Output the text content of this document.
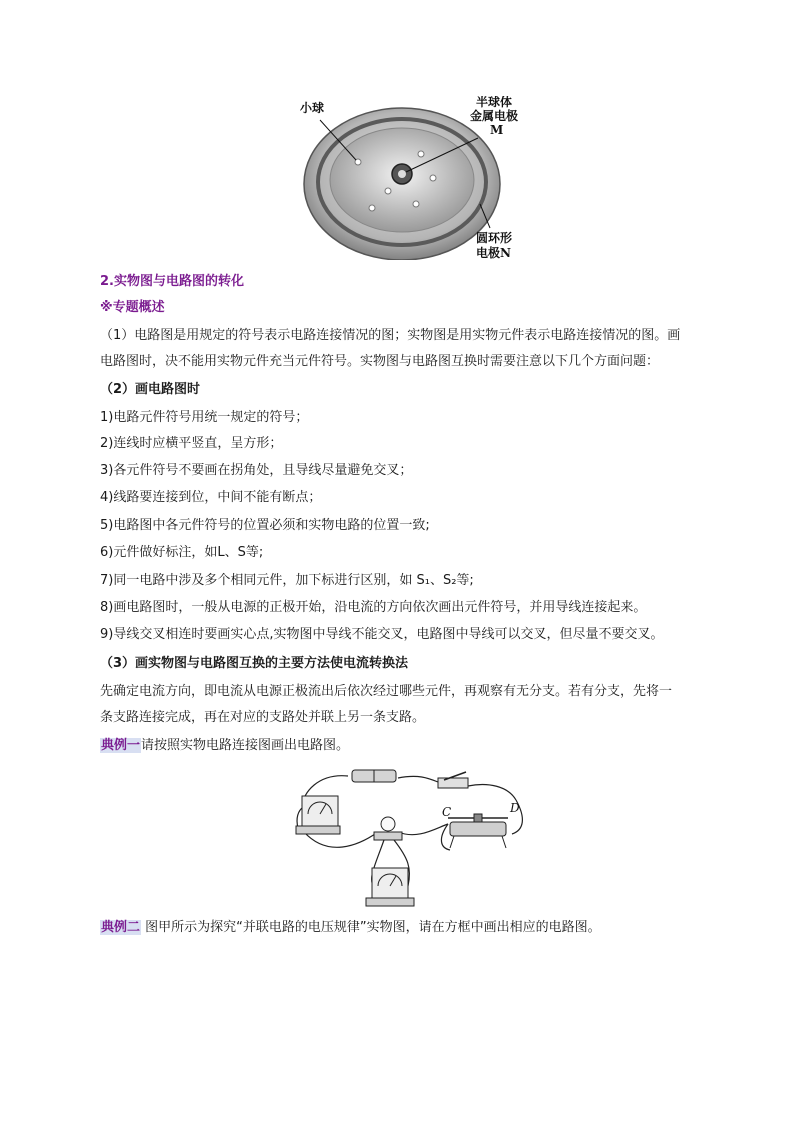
小球	半球体
金属电极
M
圆环形
电极N
2.实物图与电路图的转化
※专题概述
（1）电路图是用规定的符号表示电路连接情况的图；实物图是用实物元件表示电路连接情况的图。画
电路图时，决不能用实物元件充当元件符号。实物图与电路图互换时需要注意以下几个方面问题：
（2）画电路图时
1)电路元件符号用统一规定的符号；
2)连线时应横平竖直，呈方形；
3)各元件符号不要画在拐角处，且导线尽量避免交叉；
4)线路要连接到位，中间不能有断点；
5)电路图中各元件符号的位置必须和实物电路的位置一致;
6)元件做好标注，如L、S等;
7)同一电路中涉及多个相同元件，加下标进行区别，如 S₁、S₂等;
8)画电路图时，一般从电源的正极开始，沿电流的方向依次画出元件符号，并用导线连接起来。
9)导线交叉相连时要画实心点,实物图中导线不能交叉，电路图中导线可以交叉，但尽量不要交叉。
（3）画实物图与电路图互换的主要方法使电流转换法
先确定电流方向，即电流从电源正极流出后依次经过哪些元件，再观察有无分支。若有分支，先将一
条支路连接完成，再在对应的支路处并联上另一条支路。
典例一请按照实物电路连接图画出电路图。
C	D
典例二 图甲所示为探究“并联电路的电压规律”实物图，请在方框中画出相应的电路图。
